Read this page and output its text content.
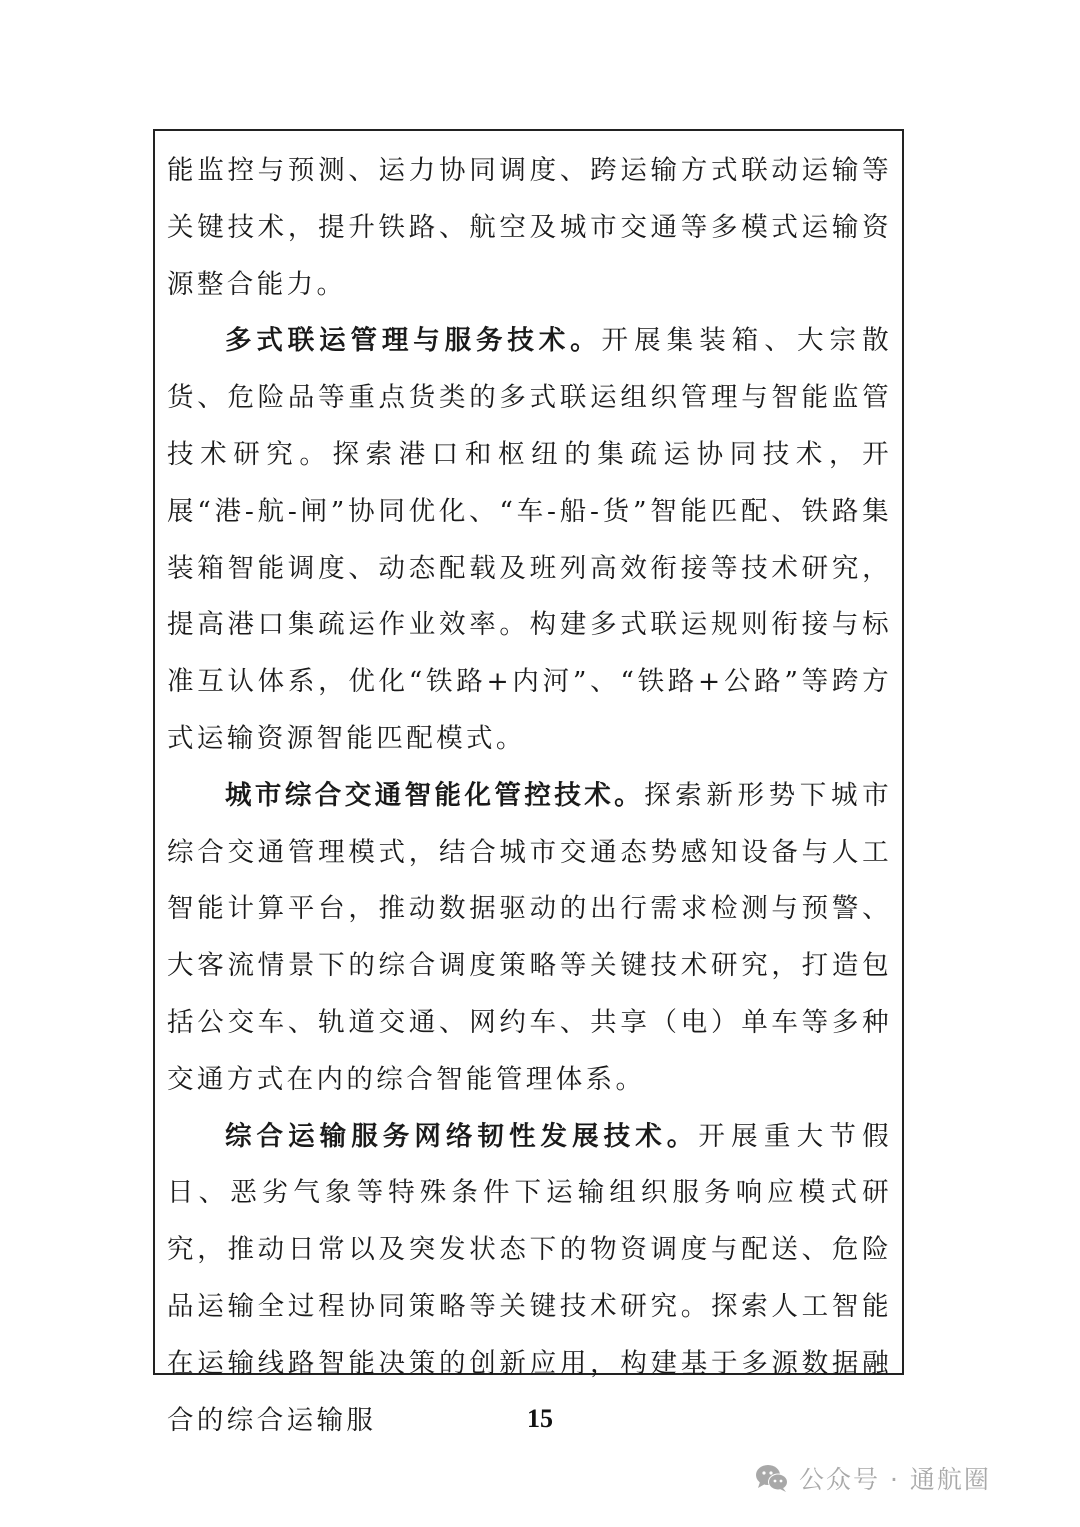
能监控与预测、运力协同调度、跨运输方式联动运输等关键技术，提升铁路、航空及城市交通等多模式运输资源整合能力。

多式联运管理与服务技术。开展集装箱、大宗散货、危险品等重点货类的多式联运组织管理与智能监管技术研究。探索港口和枢纽的集疏运协同技术，开展“港-航-闸”协同优化、“车-船-货”智能匹配、铁路集装箱智能调度、动态配载及班列高效衔接等技术研究，提高港口集疏运作业效率。构建多式联运规则衔接与标准互认体系，优化“铁路+内河”、“铁路+公路”等跨方式运输资源智能匹配模式。

城市综合交通智能化管控技术。探索新形势下城市综合交通管理模式，结合城市交通态势感知设备与人工智能计算平台，推动数据驱动的出行需求检测与预警、大客流情景下的综合调度策略等关键技术研究，打造包括公交车、轨道交通、网约车、共享（电）单车等多种交通方式在内的综合智能管理体系。

综合运输服务网络韧性发展技术。开展重大节假日、恶劣气象等特殊条件下运输组织服务响应模式研究，推动日常以及突发状态下的物资调度与配送、危险品运输全过程协同策略等关键技术研究。探索人工智能在运输线路智能决策的创新应用，构建基于多源数据融合的综合运输服	15
公众号 · 通航圈
